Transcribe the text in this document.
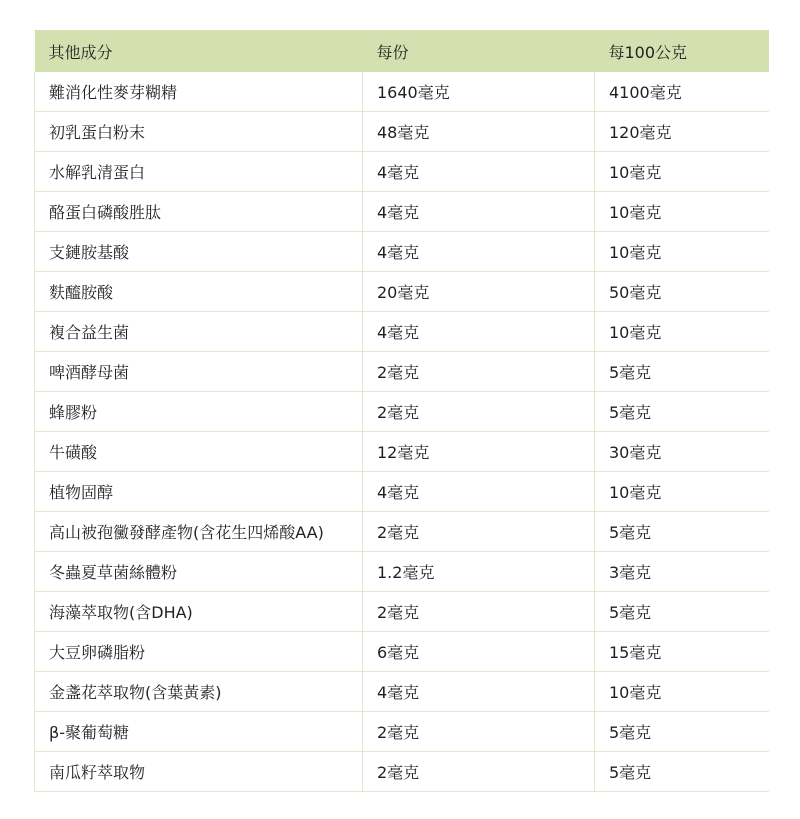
其他成分	每份	每100公克
難消化性麥芽糊精	1640毫克	4100毫克
初乳蛋白粉末	48毫克	120毫克
水解乳清蛋白	4毫克	10毫克
酪蛋白磷酸胜肽	4毫克	10毫克
支鏈胺基酸	4毫克	10毫克
麩醯胺酸	20毫克	50毫克
複合益生菌	4毫克	10毫克
啤酒酵母菌	2毫克	5毫克
蜂膠粉	2毫克	5毫克
牛磺酸	12毫克	30毫克
植物固醇	4毫克	10毫克
高山被孢黴發酵產物(含花生四烯酸AA)	2毫克	5毫克
冬蟲夏草菌絲體粉	1.2毫克	3毫克
海藻萃取物(含DHA)	2毫克	5毫克
大豆卵磷脂粉	6毫克	15毫克
金盞花萃取物(含葉黃素)	4毫克	10毫克
β-聚葡萄糖	2毫克	5毫克
南瓜籽萃取物	2毫克	5毫克
